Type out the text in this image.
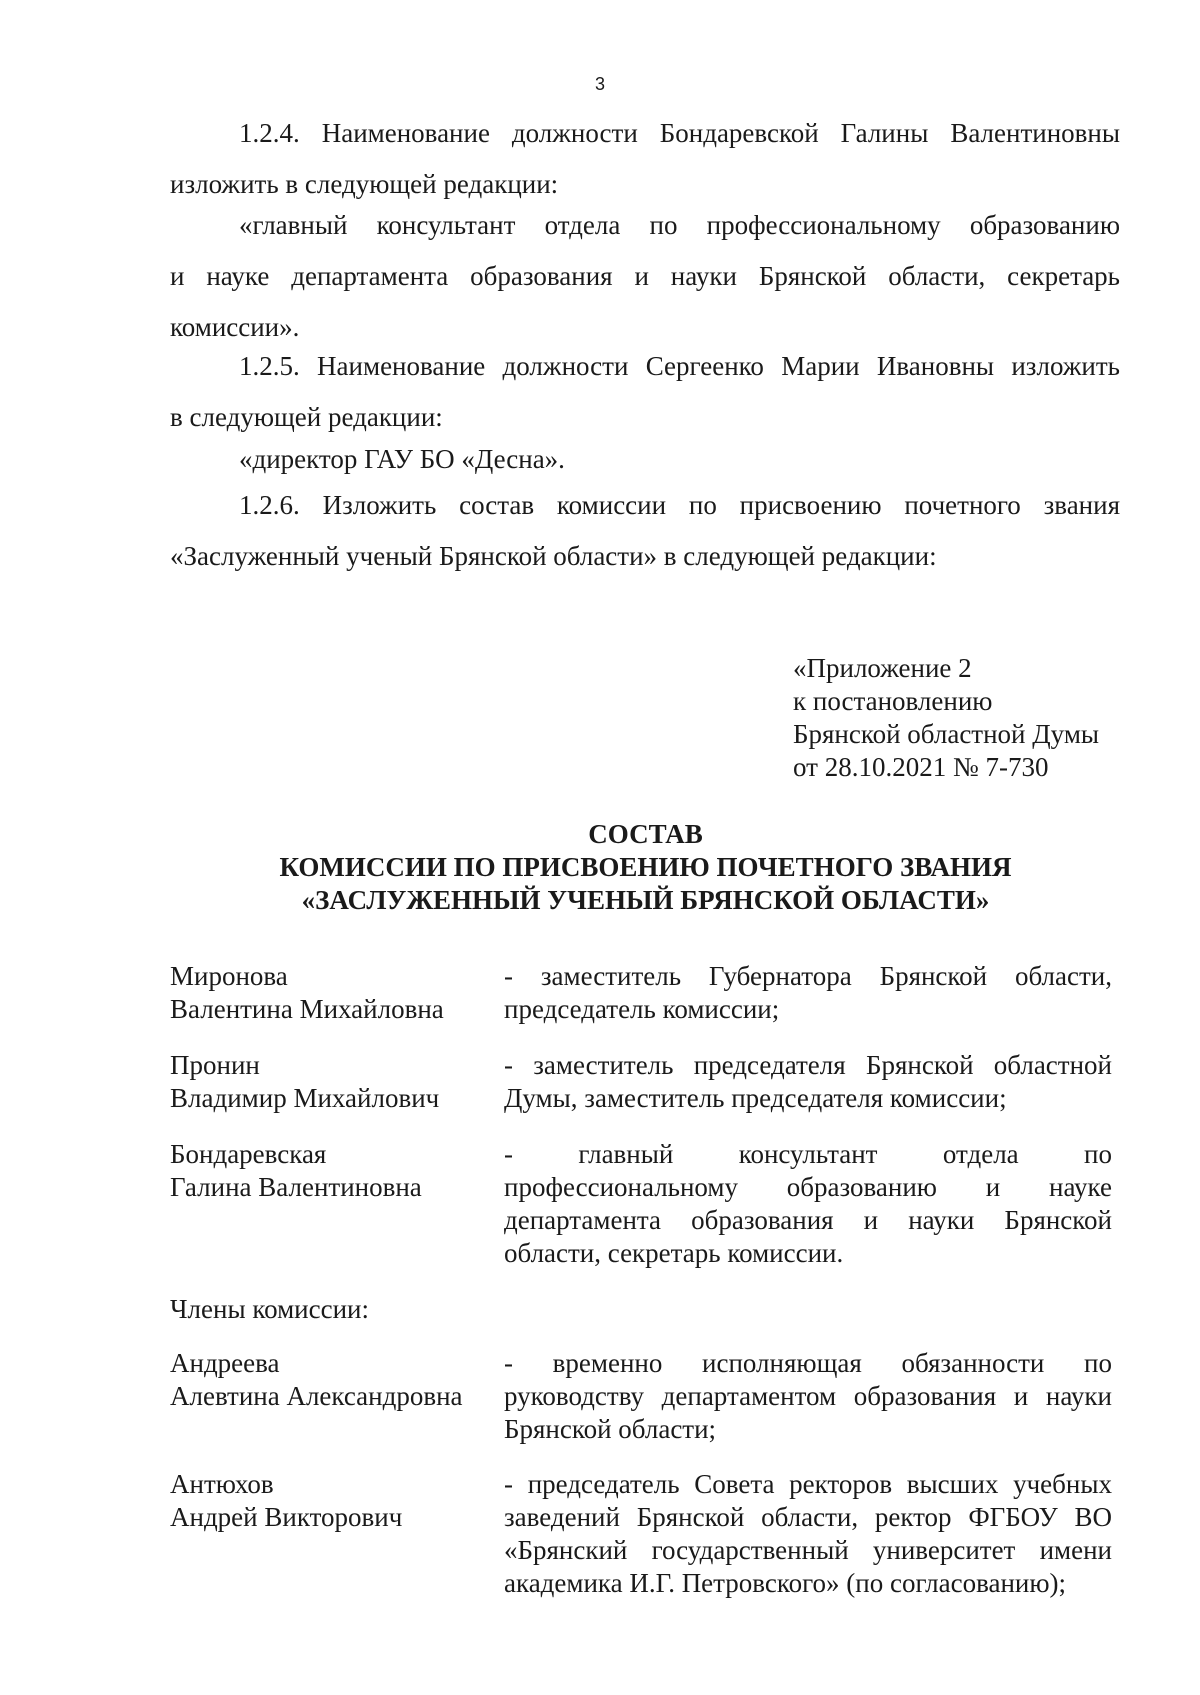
3
1.2.4. Наименование должности Бондаревской Галины Валентиновны
изложить в следующей редакции:
«главный консультант отдела по профессиональному образованию
и науке департамента образования и науки Брянской области, секретарь комиссии».
1.2.5. Наименование должности Сергеенко Марии Ивановны изложить
в следующей редакции:
«директор ГАУ БО «Десна».
1.2.6. Изложить состав комиссии по присвоению почетного звания
«Заслуженный ученый Брянской области» в следующей редакции:
«Приложение 2
к постановлению
Брянской областной Думы
от 28.10.2021 № 7-730
СОСТАВ
КОМИССИИ ПО ПРИСВОЕНИЮ ПОЧЕТНОГО ЗВАНИЯ
«ЗАСЛУЖЕННЫЙ УЧЕНЫЙ БРЯНСКОЙ ОБЛАСТИ»
Миронова
Валентина Михайловна
- заместитель Губернатора Брянской области, председатель комиссии;
Пронин
Владимир Михайлович
- заместитель председателя Брянской областной Думы, заместитель председателя комиссии;
Бондаревская
Галина Валентиновна
- главный консультант отдела по профессиональному образованию и науке департамента образования и науки Брянской области, секретарь комиссии.
Члены комиссии:
Андреева
Алевтина Александровна
- временно исполняющая обязанности по руководству департаментом образования и науки Брянской области;
Антюхов
Андрей Викторович
- председатель Совета ректоров высших учебных заведений Брянской области, ректор ФГБОУ ВО «Брянский государственный университет имени академика И.Г. Петровского» (по согласованию);
